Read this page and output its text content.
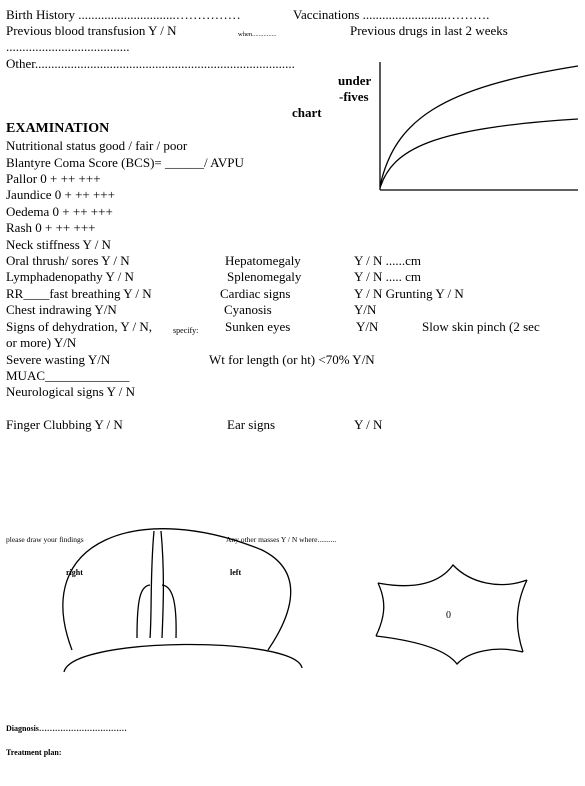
Birth History ..............................……………	Vaccinations ..........................……….
Previous blood transfusion Y / N	when...............	Previous drugs in last 2 weeks
......................................
Other................................................................................
under
-fives
chart
EXAMINATION
Nutritional status good / fair / poor
Blantyre Coma Score (BCS)= ______/ AVPU
Pallor 0 + ++ +++
Jaundice 0 + ++ +++
Oedema 0 + ++ +++
Rash 0 + ++ +++
Neck stiffness Y / N
Oral thrush/ sores Y / N	Hepatomegaly	Y / N ......cm
Lymphadenopathy Y / N	Splenomegaly	Y / N ..... cm
RR____fast breathing Y / N	Cardiac signs	Y / N Grunting Y / N
Chest indrawing Y/N	Cyanosis	Y/N
Signs of dehydration, Y / N,	specify: Sunken eyes	Y/N	Slow skin pinch (2 sec
or more) Y/N
Severe wasting Y/N	Wt for length (or ht) <70% Y/N
MUAC_____________
Neurological signs Y / N
Finger Clubbing Y / N	Ear signs	Y / N
please draw your findings	Any other masses Y / N where..........
right	left
0
Diagnosis……………………………
Treatment plan:
